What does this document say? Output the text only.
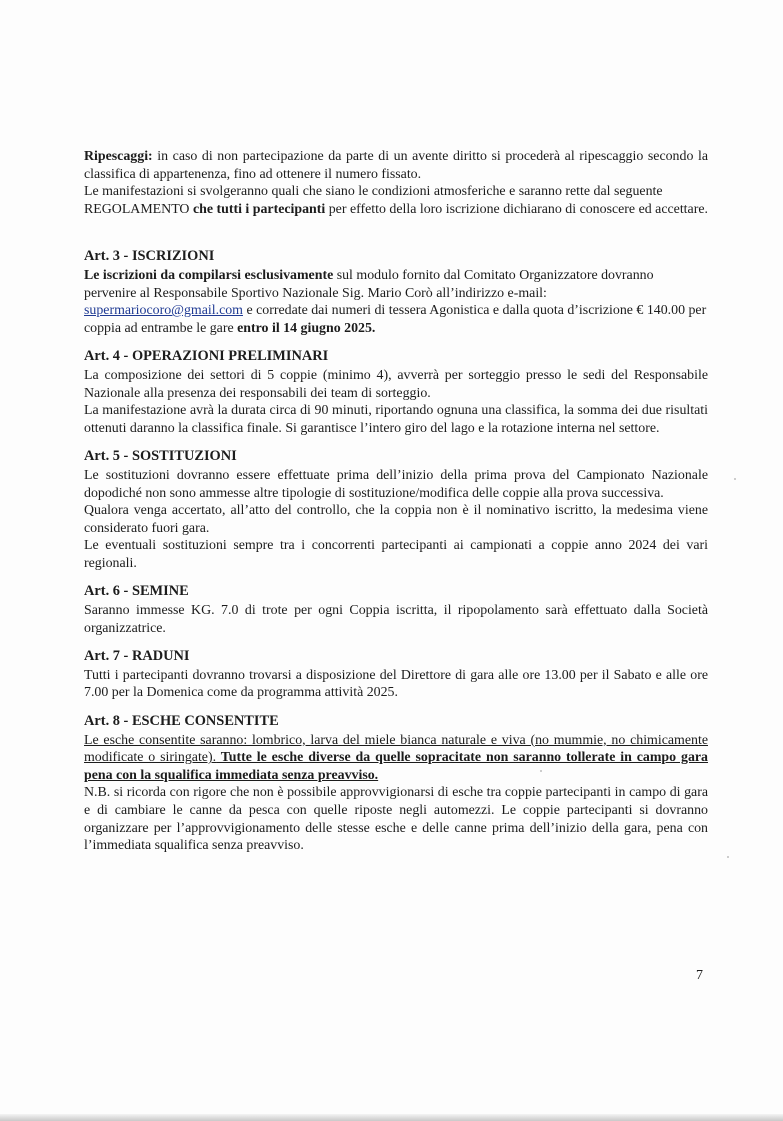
Ripescaggi: in caso di non partecipazione da parte di un avente diritto si procederà al ripescaggio secondo la classifica di appartenenza, fino ad ottenere il numero fissato.

Le manifestazioni si svolgeranno quali che siano le condizioni atmosferiche e saranno rette dal seguente REGOLAMENTO che tutti i partecipanti per effetto della loro iscrizione dichiarano di conoscere ed accettare.

Art. 3 - ISCRIZIONI

Le iscrizioni da compilarsi esclusivamente sul modulo fornito dal Comitato Organizzatore dovranno pervenire al Responsabile Sportivo Nazionale Sig. Mario Corò all’indirizzo e-mail:
supermariocoro@gmail.com e corredate dai numeri di tessera Agonistica e dalla quota d’iscrizione € 140.00 per coppia ad entrambe le gare entro il 14 giugno 2025.

Art. 4 - OPERAZIONI PRELIMINARI

La composizione dei settori di 5 coppie (minimo 4), avverrà per sorteggio presso le sedi del Responsabile Nazionale alla presenza dei responsabili dei team di sorteggio.

La manifestazione avrà la durata circa di 90 minuti, riportando ognuna una classifica, la somma dei due risultati ottenuti daranno la classifica finale. Si garantisce l’intero giro del lago e la rotazione interna nel settore.

Art. 5 - SOSTITUZIONI

Le sostituzioni dovranno essere effettuate prima dell’inizio della prima prova del Campionato Nazionale dopodiché non sono ammesse altre tipologie di sostituzione/modifica delle coppie alla prova successiva.

Qualora venga accertato, all’atto del controllo, che la coppia non è il nominativo iscritto, la medesima viene considerato fuori gara.

Le eventuali sostituzioni sempre tra i concorrenti partecipanti ai campionati a coppie anno 2024 dei vari regionali.

Art. 6 - SEMINE

Saranno immesse KG. 7.0 di trote per ogni Coppia iscritta, il ripopolamento sarà effettuato dalla Società organizzatrice.

Art. 7 - RADUNI

Tutti i partecipanti dovranno trovarsi a disposizione del Direttore di gara alle ore 13.00 per il Sabato e alle ore 7.00 per la Domenica come da programma attività 2025.

Art. 8 - ESCHE CONSENTITE

Le esche consentite saranno: lombrico, larva del miele bianca naturale e viva (no mummie, no chimicamente modificate o siringate). Tutte le esche diverse da quelle sopracitate non saranno tollerate in campo gara pena con la squalifica immediata senza preavviso.

N.B. si ricorda con rigore che non è possibile approvvigionarsi di esche tra coppie partecipanti in campo di gara e di cambiare le canne da pesca con quelle riposte negli automezzi. Le coppie partecipanti si dovranno organizzare per l’approvvigionamento delle stesse esche e delle canne prima dell’inizio della gara, pena con l’immediata squalifica senza preavviso.

7
